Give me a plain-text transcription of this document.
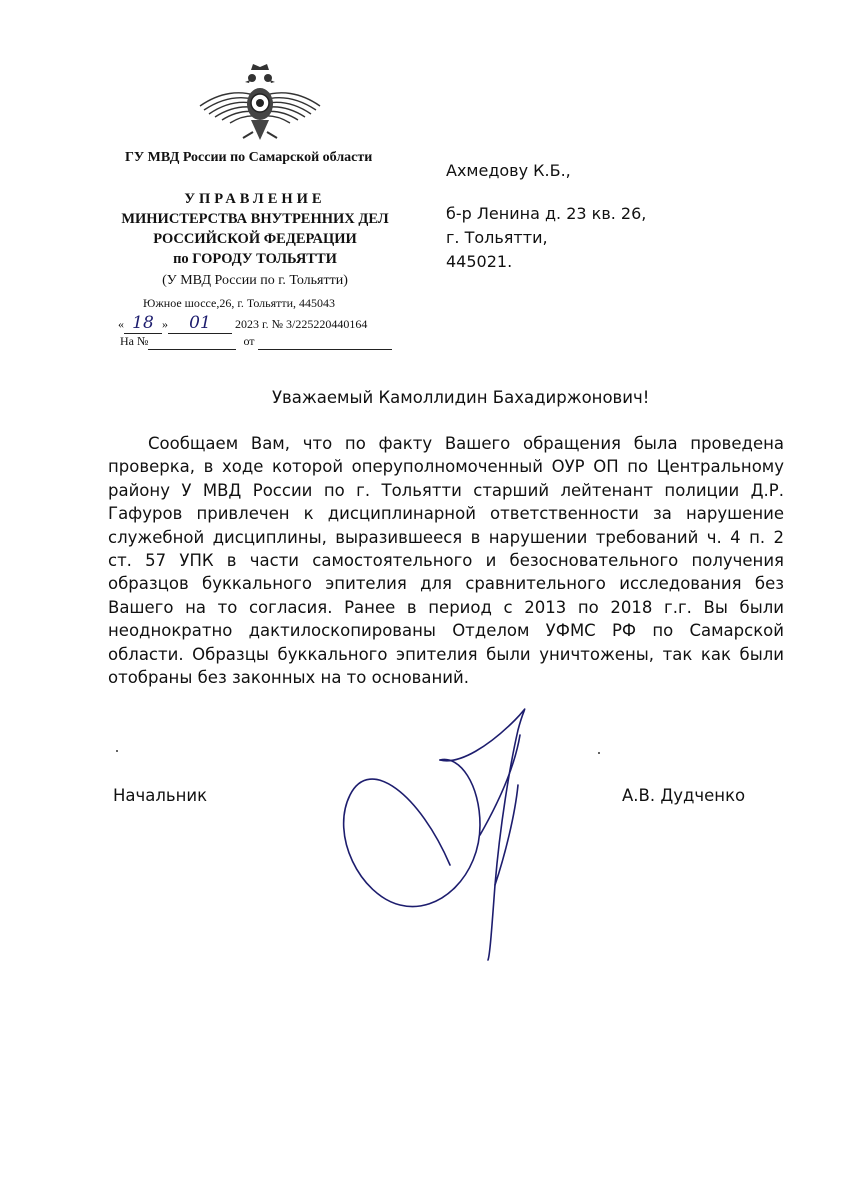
ГУ МВД России по Самарской области
УПРАВЛЕНИЕ
МИНИСТЕРСТВА ВНУТРЕННИХ ДЕЛ
РОССИЙСКОЙ ФЕДЕРАЦИИ
по ГОРОДУ ТОЛЬЯТТИ
(У МВД России по г. Тольятти)
Южное шоссе,26, г. Тольятти, 445043
« 18 » 01 2023 г. № 3/225220440164
На №	от
Ахмедову К.Б.,
б-р Ленина д. 23 кв. 26,
г. Тольятти,
445021.
Уважаемый Камоллидин Бахадиржонович!
Сообщаем Вам, что по факту Вашего обращения была проведена проверка, в ходе которой оперуполномоченный ОУР ОП по Центральному району У МВД России по г. Тольятти старший лейтенант полиции Д.Р. Гафуров привлечен к дисциплинарной ответственности за нарушение служебной дисциплины, выразившееся в нарушении требований ч. 4 п. 2 ст. 57 УПК в части самостоятельного и безосновательного получения образцов буккального эпителия для сравнительного исследования без Вашего на то согласия. Ранее в период с 2013 по 2018 г.г. Вы были неоднократно дактилоскопированы Отделом УФМС РФ по Самарской области. Образцы буккального эпителия были уничтожены, так как были отобраны без законных на то оснований.
Начальник	А.В. Дудченко
